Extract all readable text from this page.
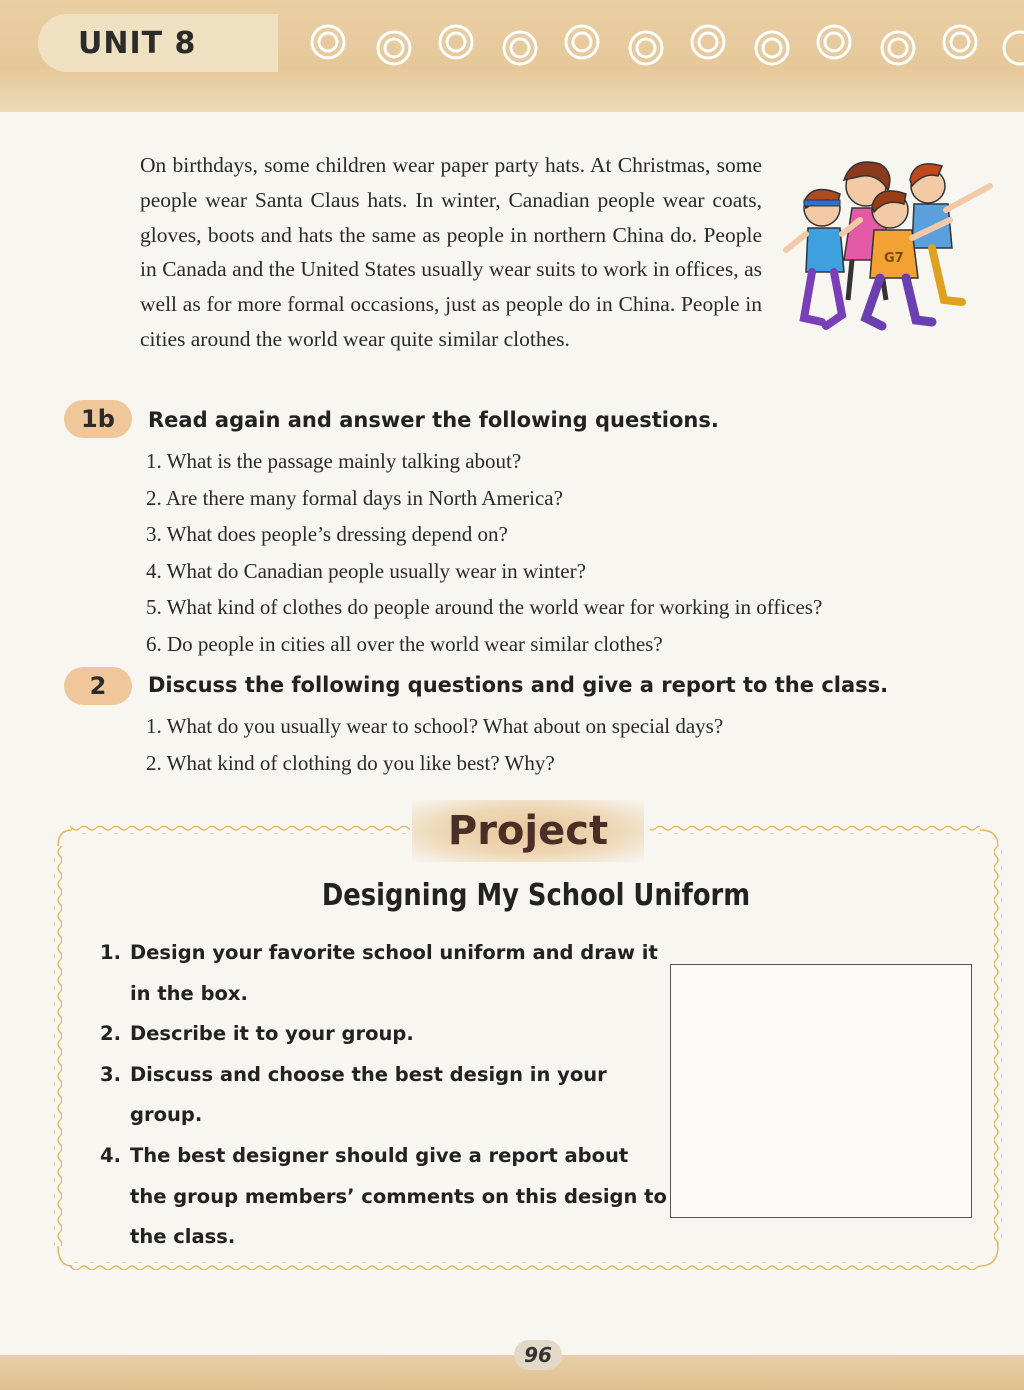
UNIT 8
On birthdays, some children wear paper party hats. At Christmas, some people wear Santa Claus hats. In winter, Canadian people wear coats, gloves, boots and hats the same as people in northern China do. People in Canada and the United States usually wear suits to work in offices, as well as for more formal occasions, just as people do in China. People in cities around the world wear quite similar clothes.
G7
1b	Read again and answer the following questions.
1. What is the passage mainly talking about?
2. Are there many formal days in North America?
3. What does people’s dressing depend on?
4. What do Canadian people usually wear in winter?
5. What kind of clothes do people around the world wear for working in offices?
6. Do people in cities all over the world wear similar clothes?
2	Discuss the following questions and give a report to the class.
1. What do you usually wear to school? What about on special days?
2. What kind of clothing do you like best? Why?
Project
Designing My School Uniform
1. Design your favorite school uniform and draw it in the box.
2. Describe it to your group.
3. Discuss and choose the best design in your group.
4. The best designer should give a report about the group members’ comments on this design to the class.
96
